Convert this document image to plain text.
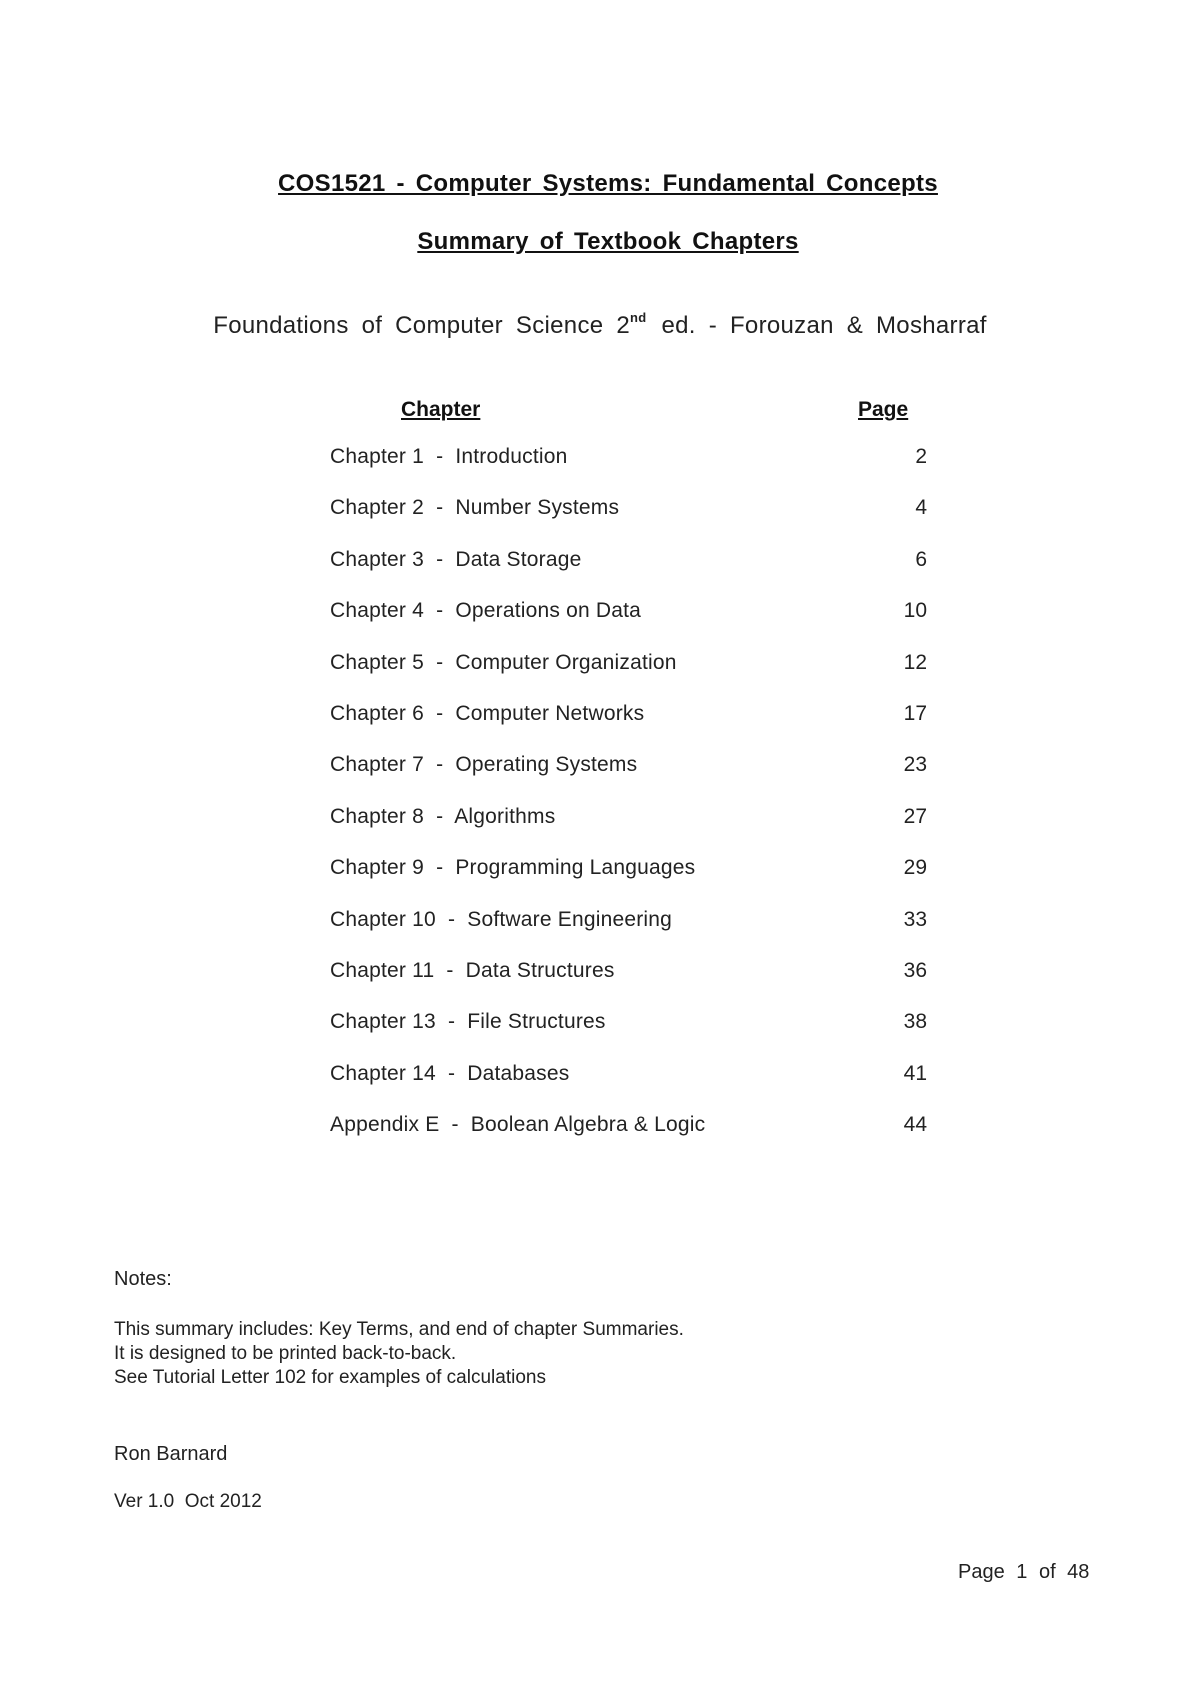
COS1521 - Computer Systems: Fundamental Concepts
Summary of Textbook Chapters
Foundations of Computer Science 2nd ed. - Forouzan & Mosharraf
Chapter	Page
Chapter 1  -  Introduction	2
Chapter 2  -  Number Systems	4
Chapter 3  -  Data Storage	6
Chapter 4  -  Operations on Data	10
Chapter 5  -  Computer Organization	12
Chapter 6  -  Computer Networks	17
Chapter 7  -  Operating Systems	23
Chapter 8  -  Algorithms	27
Chapter 9  -  Programming Languages	29
Chapter 10  -  Software Engineering	33
Chapter 11  -  Data Structures	36
Chapter 13  -  File Structures	38
Chapter 14  -  Databases	41
Appendix E  -  Boolean Algebra & Logic	44
Notes:
This summary includes: Key Terms, and end of chapter Summaries.
It is designed to be printed back-to-back.
See Tutorial Letter 102 for examples of calculations
Ron Barnard
Ver 1.0  Oct 2012
Page 1 of 48
